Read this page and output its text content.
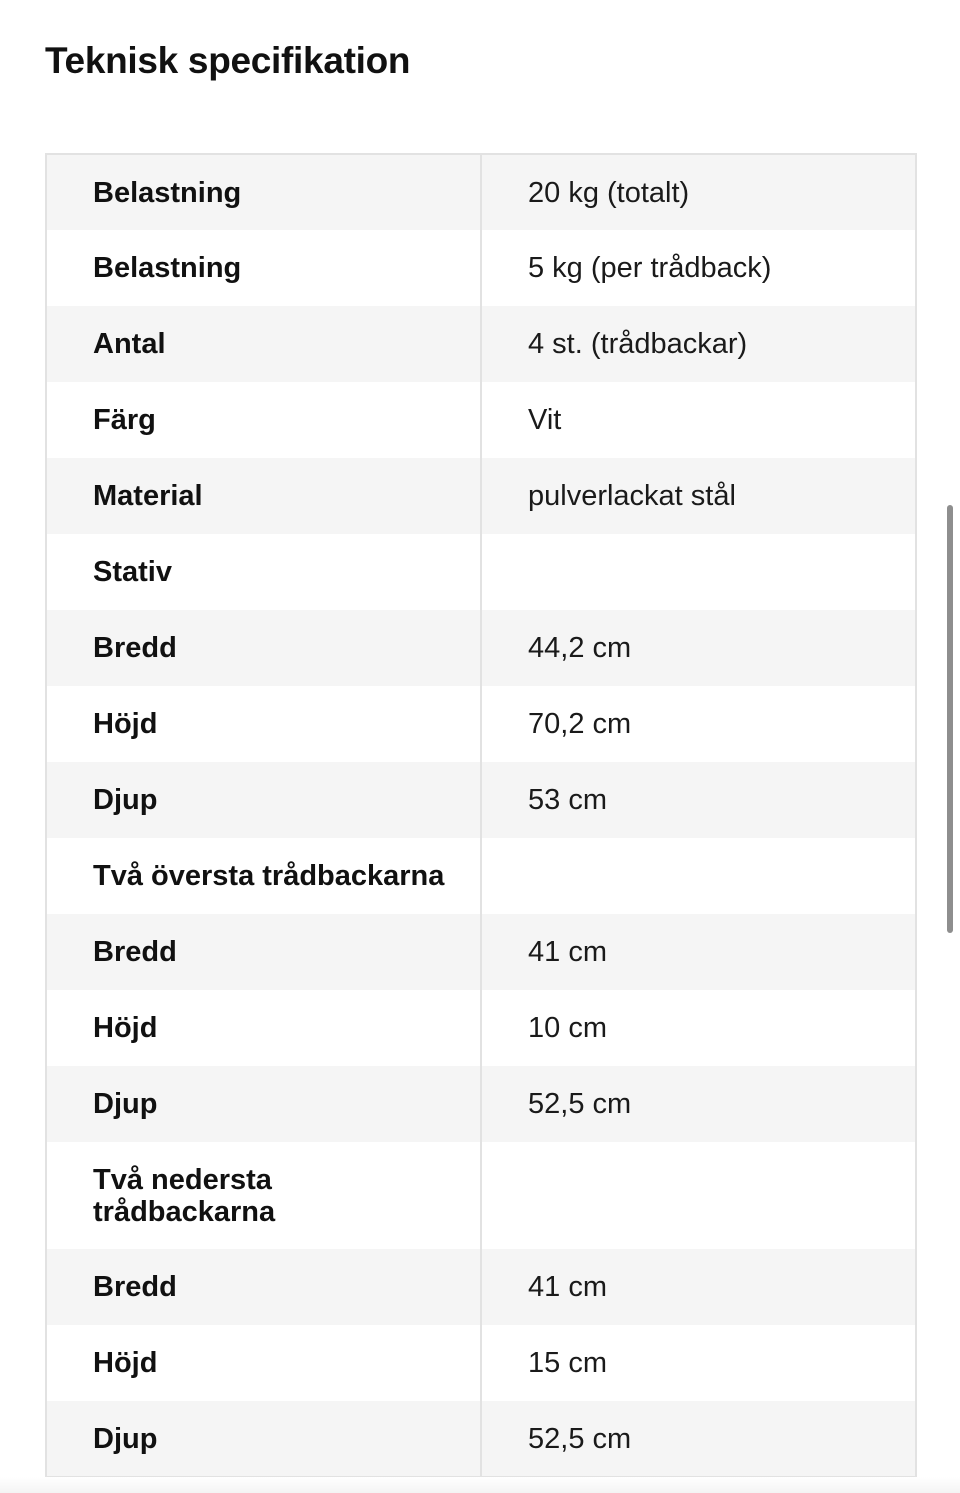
Teknisk specifikation
Belastning	20 kg (totalt)
Belastning	5 kg (per trådback)
Antal	4 st. (trådbackar)
Färg	Vit
Material	pulverlackat stål
Stativ	
Bredd	44,2 cm
Höjd	70,2 cm
Djup	53 cm
Två översta trådbackarna	
Bredd	41 cm
Höjd	10 cm
Djup	52,5 cm
Två nedersta trådbackarna	
Bredd	41 cm
Höjd	15 cm
Djup	52,5 cm
